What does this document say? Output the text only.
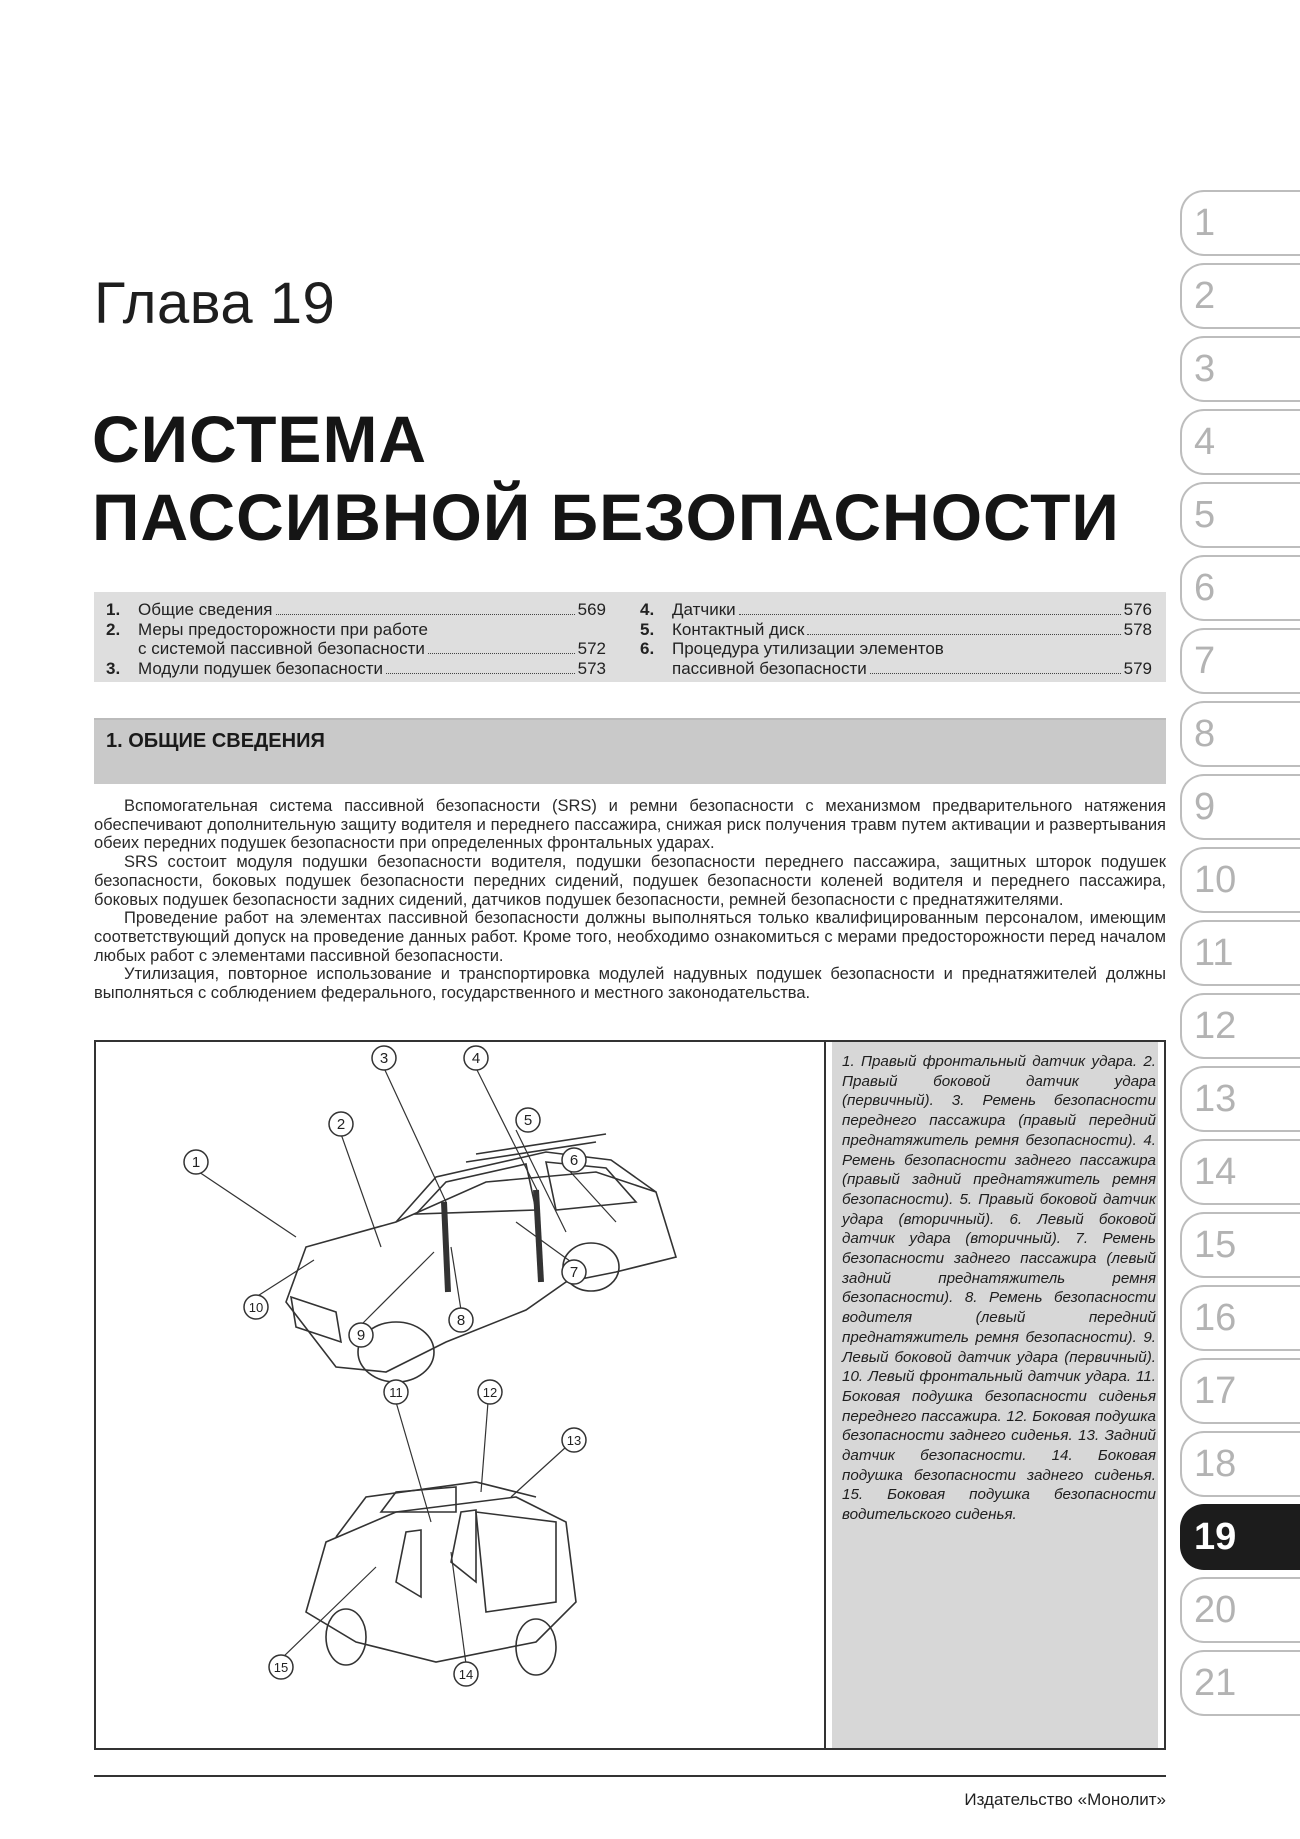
Глава 19
СИСТЕМА
ПАССИВНОЙ БЕЗОПАСНОСТИ
1. Общие сведения	569
2.	Меры предосторожности при работе
с системой пассивной безопасности	572
3. Модули подушек безопасности	573
4. Датчики	576
5. Контактный диск	578
6.	Процедура утилизации элементов
пассивной безопасности	579
1. ОБЩИЕ СВЕДЕНИЯ

Вспомогательная система пассивной безопасности (SRS) и ремни безопасности с механизмом предварительного натяжения обеспечивают дополнительную защиту водителя и переднего пассажира, снижая риск получения травм путем активации и развертывания обеих передних подушек безопасности при определенных фронтальных ударах.

SRS состоит модуля подушки безопасности водителя, подушки безопасности переднего пассажира, защитных шторок подушек безопасности, боковых подушек безопасности передних сидений, подушек безопасности коленей водителя и переднего пассажира, боковых подушек безопасности задних сидений, датчиков подушек безопасности, ремней безопасности с преднатяжителями.

Проведение работ на элементах пассивной безопасности должны выполняться только квалифицированным персоналом, имеющим соответствующий допуск на проведение данных работ. Кроме того, необходимо ознакомиться с мерами предосторожности перед началом любых работ с элементами пассивной безопасности.

Утилизация, повторное использование и транспортировка модулей надувных подушек безопасности и преднатяжителей должны выполняться с соблюдением федерального, государственного и местного законодательства.

1
2
3	4
5
6
7
8
9
10
11	12
13
14
15
1. Правый фронтальный датчик удара. 2. Правый боковой датчик удара (первичный). 3. Ремень безопасности переднего пассажира (правый передний преднатяжитель ремня безопасности). 4. Ремень безопасности заднего пассажира (правый задний преднатяжитель ремня безопасности). 5. Правый боковой датчик удара (вторичный). 6. Левый боковой датчик удара (вторичный). 7. Ремень безопасности заднего пассажира (левый задний преднатяжитель ремня безопасности). 8. Ремень безопасности водителя (левый передний преднатяжитель ремня безопасности). 9. Левый боковой датчик удара (первичный). 10. Левый фронтальный датчик удара. 11. Боковая подушка безопасности сиденья переднего пассажира. 12. Боковая подушка безопасности заднего сиденья. 13. Задний датчик безопасности. 14. Боковая подушка безопасности заднего сиденья. 15. Боковая подушка безопасности водительского сиденья.
1
2
3
4
5
6
7
8
9
10
11
12
13
14
15
16
17
18
19
20
21
Издательство «Монолит»
